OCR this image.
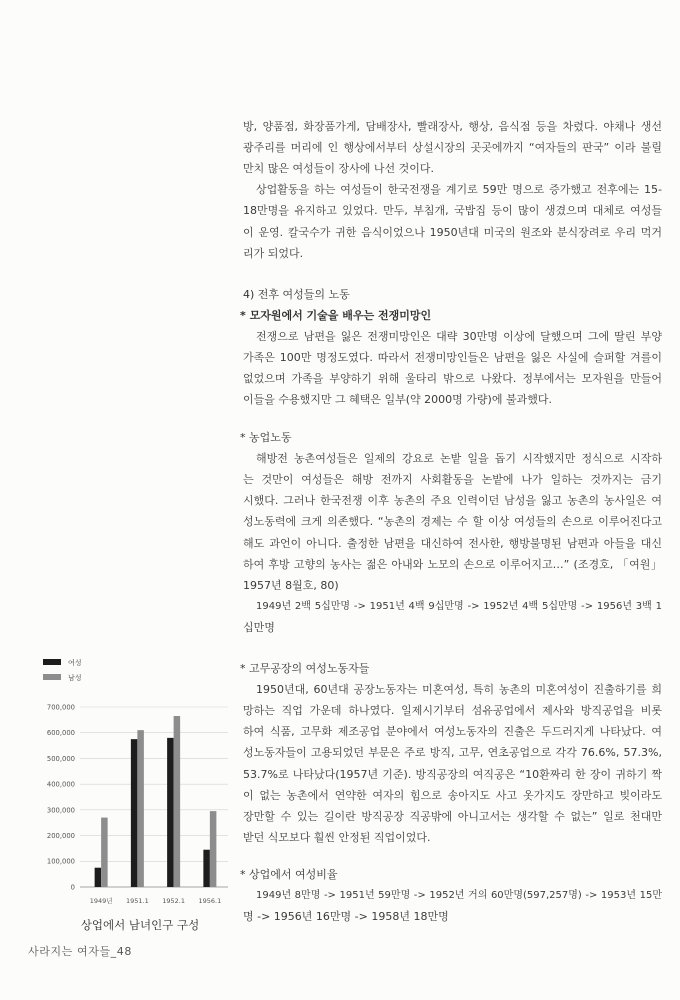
방, 양품점, 화장품가게, 담배장사, 빨래장사, 행상, 음식점 등을 차렸다. 야채나 생선
광주리를 머리에 인 행상에서부터 상설시장의 곳곳에까지 “여자들의 판국” 이라 불릴
만치 많은 여성들이 장사에 나선 것이다.
상업활동을 하는 여성들이 한국전쟁을 계기로 59만 명으로 증가했고 전후에는 15-
18만명을 유지하고 있었다. 만두, 부침개, 국밥집 등이 많이 생겼으며 대체로 여성들
이 운영. 칼국수가 귀한 음식이었으나 1950년대 미국의 원조와 분식장려로 우리 먹거
리가 되었다.
4) 전후 여성들의 노동
* 모자원에서 기술을 배우는 전쟁미망인
전쟁으로 남편을 잃은 전쟁미망인은 대략 30만명 이상에 달했으며 그에 딸린 부양
가족은 100만 명정도였다. 따라서 전쟁미망인들은 남편을 잃은 사실에 슬퍼할 겨를이
없었으며 가족을 부양하기 위해 울타리 밖으로 나왔다. 정부에서는 모자원을 만들어
이들을 수용했지만 그 혜택은 일부(약 2000명 가량)에 불과했다.
* 농업노동
해방전 농촌여성들은 일제의 강요로 논밭 일을 돕기 시작했지만 정식으로 시작하
는 것만이 여성들은 해방 전까지 사회활동을 논밭에 나가 일하는 것까지는 금기
시했다. 그러나 한국전쟁 이후 농촌의 주요 인력이던 남성을 잃고 농촌의 농사일은 여
성노동력에 크게 의존했다. “농촌의 경제는 수 할 이상 여성들의 손으로 이루어진다고
해도 과언이 아니다. 출정한 남편을 대신하여 전사한, 행방불명된 남편과 아들을 대신
하여 후방 고향의 농사는 젊은 아내와 노모의 손으로 이루어지고…” (조경호, 「여원」
1957년 8월호, 80)
1949년 2백 5십만명 -> 1951년 4백 9십만명 -> 1952년 4백 5십만명 -> 1956년 3백 1
십만명
* 고무공장의 여성노동자들
1950년대, 60년대 공장노동자는 미혼여성, 특히 농촌의 미혼여성이 진출하기를 희
망하는 직업 가운데 하나였다. 일제시기부터 섬유공업에서 제사와 방직공업을 비롯
하여 식품, 고무화 제조공업 분야에서 여성노동자의 진출은 두드러지게 나타났다. 여
성노동자들이 고용되었던 부문은 주로 방직, 고무, 연초공업으로 각각 76.6%, 57.3%,
53.7%로 나타났다(1957년 기준). 방직공장의 여직공은 “10환짜리 한 장이 귀하기 짝
이 없는 농촌에서 연약한 여자의 힘으로 송아지도 사고 옷가지도 장만하고 빚이라도
장만할 수 있는 길이란 방직공장 직공밖에 아니고서는 생각할 수 없는” 일로 천대만
받던 식모보다 훨씬 안정된 직업이었다.
* 상업에서 여성비율
1949년 8만명 -> 1951년 59만명 -> 1952년 거의 60만명(597,257명) -> 1953년 15만
명 -> 1956년 16만명 -> 1958년 18만명
상업에서 남녀인구 구성
여성
남성
0
100,000
200,000
300,000
400,000
500,000
600,000
700,000
1949년 1951.1 1952.1 1956.1
사라지는 여자들_48
